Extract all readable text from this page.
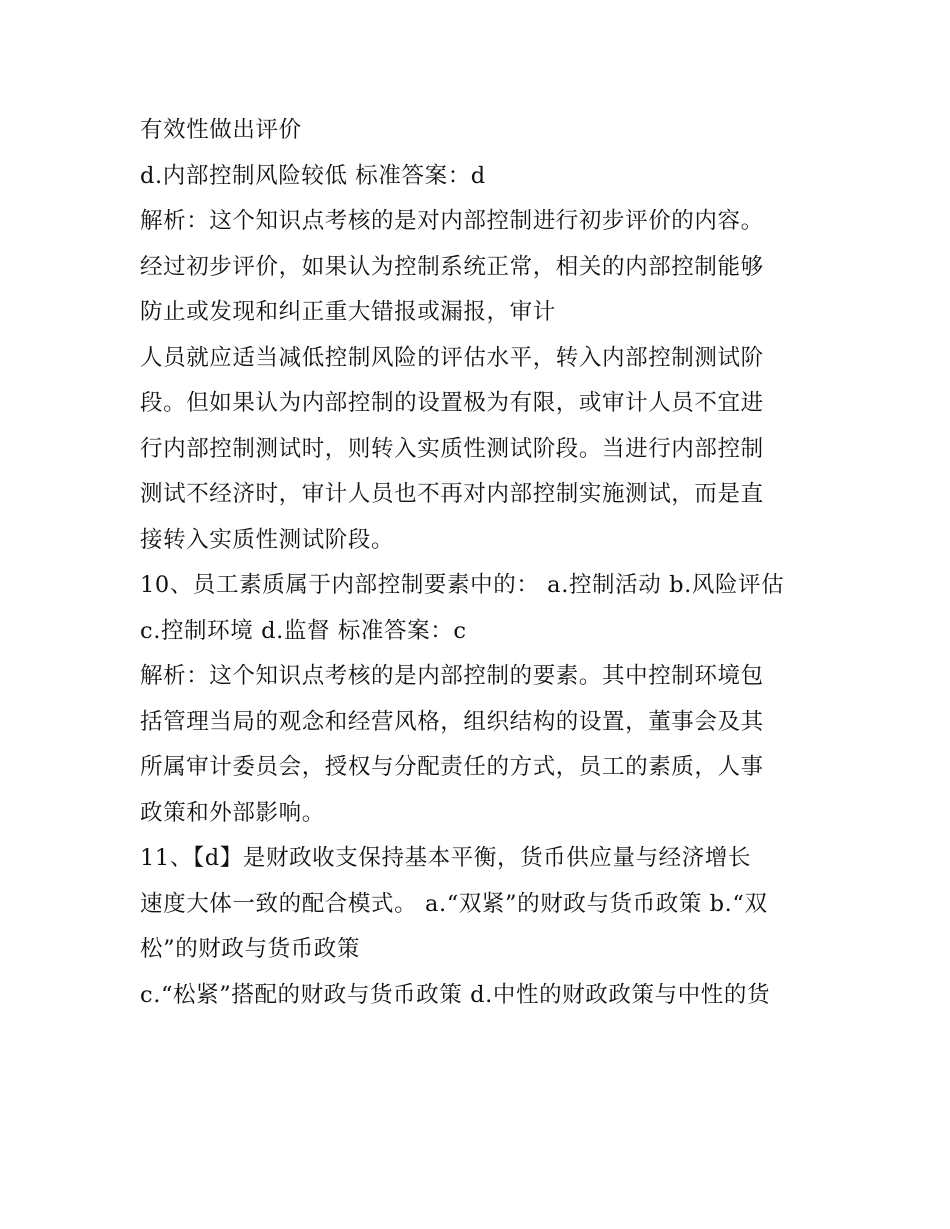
有效性做出评价
d.内部控制风险较低 标准答案：d
解析：这个知识点考核的是对内部控制进行初步评价的内容。
经过初步评价，如果认为控制系统正常，相关的内部控制能够
防止或发现和纠正重大错报或漏报，审计
人员就应适当减低控制风险的评估水平，转入内部控制测试阶
段。但如果认为内部控制的设置极为有限，或审计人员不宜进
行内部控制测试时，则转入实质性测试阶段。当进行内部控制
测试不经济时，审计人员也不再对内部控制实施测试，而是直
接转入实质性测试阶段。
10、员工素质属于内部控制要素中的： a.控制活动 b.风险评估
c.控制环境 d.监督 标准答案：c
解析：这个知识点考核的是内部控制的要素。其中控制环境包
括管理当局的观念和经营风格，组织结构的设置，董事会及其
所属审计委员会，授权与分配责任的方式，员工的素质，人事
政策和外部影响。
11、【d】是财政收支保持基本平衡，货币供应量与经济增长
速度大体一致的配合模式。 a.“双紧”的财政与货币政策 b.“双
松”的财政与货币政策
c.“松紧”搭配的财政与货币政策 d.中性的财政政策与中性的货
